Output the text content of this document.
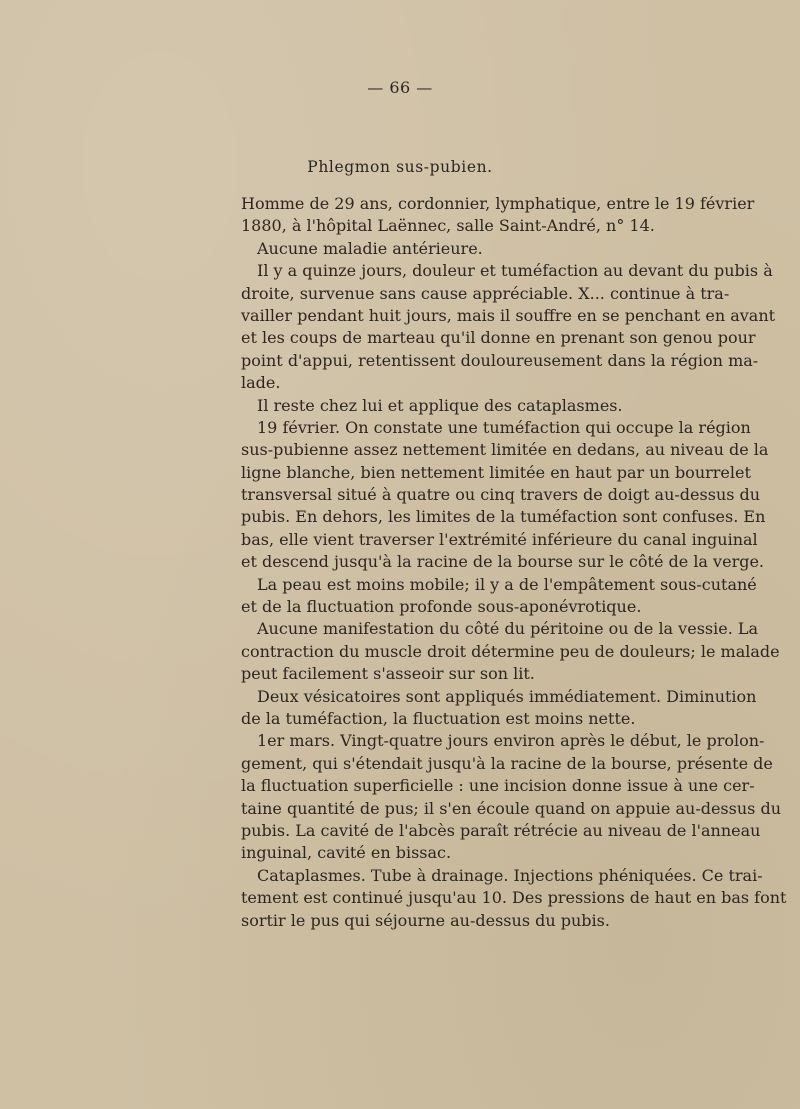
— 66 —
Phlegmon sus-pubien.
Homme de 29 ans, cordonnier, lymphatique, entre le 19 février
1880, à l'hôpital Laënnec, salle Saint-André, n° 14.
Aucune maladie antérieure.
Il y a quinze jours, douleur et tuméfaction au devant du pubis à
droite, survenue sans cause appréciable. X... continue à tra-
vailler pendant huit jours, mais il souffre en se penchant en avant
et les coups de marteau qu'il donne en prenant son genou pour
point d'appui, retentissent douloureusement dans la région ma-
lade.
Il reste chez lui et applique des cataplasmes.
19 février. On constate une tuméfaction qui occupe la région
sus-pubienne assez nettement limitée en dedans, au niveau de la
ligne blanche, bien nettement limitée en haut par un bourrelet
transversal situé à quatre ou cinq travers de doigt au-dessus du
pubis. En dehors, les limites de la tuméfaction sont confuses. En
bas, elle vient traverser l'extrémité inférieure du canal inguinal
et descend jusqu'à la racine de la bourse sur le côté de la verge.
La peau est moins mobile; il y a de l'empâtement sous-cutané
et de la fluctuation profonde sous-aponévrotique.
Aucune manifestation du côté du péritoine ou de la vessie. La
contraction du muscle droit détermine peu de douleurs; le malade
peut facilement s'asseoir sur son lit.
Deux vésicatoires sont appliqués immédiatement. Diminution
de la tuméfaction, la fluctuation est moins nette.
1er mars. Vingt-quatre jours environ après le début, le prolon-
gement, qui s'étendait jusqu'à la racine de la bourse, présente de
la fluctuation superficielle : une incision donne issue à une cer-
taine quantité de pus; il s'en écoule quand on appuie au-dessus du
pubis. La cavité de l'abcès paraît rétrécie au niveau de l'anneau
inguinal, cavité en bissac.
Cataplasmes. Tube à drainage. Injections phéniquées. Ce trai-
tement est continué jusqu'au 10. Des pressions de haut en bas font
sortir le pus qui séjourne au-dessus du pubis.
